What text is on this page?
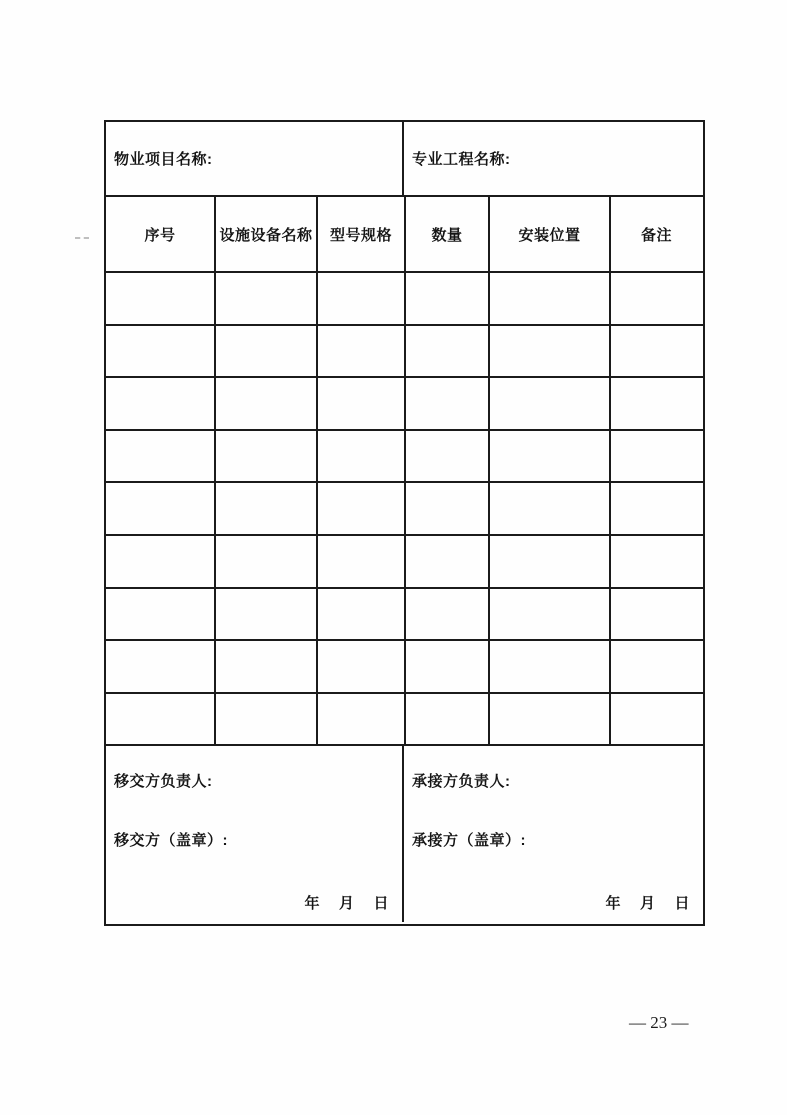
物业项目名称:	专业工程名称:
序号	设施设备名称	型号规格	数量	安装位置	备注
移交方负责人:
移交方（盖章）:
年 月 日
承接方负责人:
承接方（盖章）:
年 月 日
— 23 —
